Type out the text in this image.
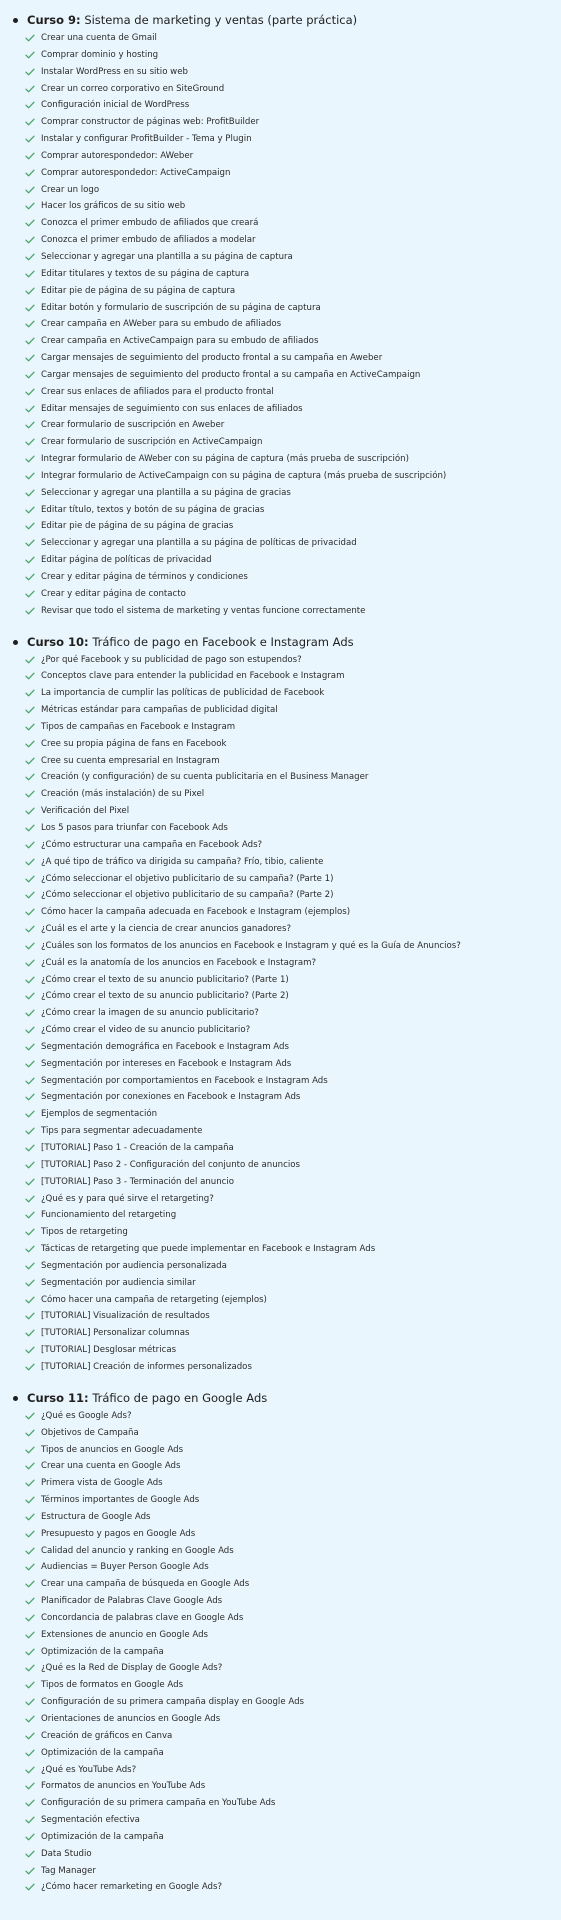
Curso 9: Sistema de marketing y ventas (parte práctica)
Crear una cuenta de Gmail
Comprar dominio y hosting
Instalar WordPress en su sitio web
Crear un correo corporativo en SiteGround
Configuración inicial de WordPress
Comprar constructor de páginas web: ProfitBuilder
Instalar y configurar ProfitBuilder - Tema y Plugin
Comprar autorespondedor: AWeber
Comprar autorespondedor: ActiveCampaign
Crear un logo
Hacer los gráficos de su sitio web
Conozca el primer embudo de afiliados que creará
Conozca el primer embudo de afiliados a modelar
Seleccionar y agregar una plantilla a su página de captura
Editar titulares y textos de su página de captura
Editar pie de página de su página de captura
Editar botón y formulario de suscripción de su página de captura
Crear campaña en AWeber para su embudo de afiliados
Crear campaña en ActiveCampaign para su embudo de afiliados
Cargar mensajes de seguimiento del producto frontal a su campaña en Aweber
Cargar mensajes de seguimiento del producto frontal a su campaña en ActiveCampaign
Crear sus enlaces de afiliados para el producto frontal
Editar mensajes de seguimiento con sus enlaces de afiliados
Crear formulario de suscripción en Aweber
Crear formulario de suscripción en ActiveCampaign
Integrar formulario de AWeber con su página de captura (más prueba de suscripción)
Integrar formulario de ActiveCampaign con su página de captura (más prueba de suscripción)
Seleccionar y agregar una plantilla a su página de gracias
Editar título, textos y botón de su página de gracias
Editar pie de página de su página de gracias
Seleccionar y agregar una plantilla a su página de políticas de privacidad
Editar página de políticas de privacidad
Crear y editar página de términos y condiciones
Crear y editar página de contacto
Revisar que todo el sistema de marketing y ventas funcione correctamente
Curso 10: Tráfico de pago en Facebook e Instagram Ads
¿Por qué Facebook y su publicidad de pago son estupendos?
Conceptos clave para entender la publicidad en Facebook e Instagram
La importancia de cumplir las políticas de publicidad de Facebook
Métricas estándar para campañas de publicidad digital
Tipos de campañas en Facebook e Instagram
Cree su propia página de fans en Facebook
Cree su cuenta empresarial en Instagram
Creación (y configuración) de su cuenta publicitaria en el Business Manager
Creación (más instalación) de su Pixel
Verificación del Pixel
Los 5 pasos para triunfar con Facebook Ads
¿Cómo estructurar una campaña en Facebook Ads?
¿A qué tipo de tráfico va dirigida su campaña? Frío, tibio, caliente
¿Cómo seleccionar el objetivo publicitario de su campaña? (Parte 1)
¿Cómo seleccionar el objetivo publicitario de su campaña? (Parte 2)
Cómo hacer la campaña adecuada en Facebook e Instagram (ejemplos)
¿Cuál es el arte y la ciencia de crear anuncios ganadores?
¿Cuáles son los formatos de los anuncios en Facebook e Instagram y qué es la Guía de Anuncios?
¿Cuál es la anatomía de los anuncios en Facebook e Instagram?
¿Cómo crear el texto de su anuncio publicitario? (Parte 1)
¿Cómo crear el texto de su anuncio publicitario? (Parte 2)
¿Cómo crear la imagen de su anuncio publicitario?
¿Cómo crear el video de su anuncio publicitario?
Segmentación demográfica en Facebook e Instagram Ads
Segmentación por intereses en Facebook e Instagram Ads
Segmentación por comportamientos en Facebook e Instagram Ads
Segmentación por conexiones en Facebook e Instagram Ads
Ejemplos de segmentación
Tips para segmentar adecuadamente
[TUTORIAL] Paso 1 - Creación de la campaña
[TUTORIAL] Paso 2 - Configuración del conjunto de anuncios
[TUTORIAL] Paso 3 - Terminación del anuncio
¿Qué es y para qué sirve el retargeting?
Funcionamiento del retargeting
Tipos de retargeting
Tácticas de retargeting que puede implementar en Facebook e Instagram Ads
Segmentación por audiencia personalizada
Segmentación por audiencia similar
Cómo hacer una campaña de retargeting (ejemplos)
[TUTORIAL] Visualización de resultados
[TUTORIAL] Personalizar columnas
[TUTORIAL] Desglosar métricas
[TUTORIAL] Creación de informes personalizados
Curso 11: Tráfico de pago en Google Ads
¿Qué es Google Ads?
Objetivos de Campaña
Tipos de anuncios en Google Ads
Crear una cuenta en Google Ads
Primera vista de Google Ads
Términos importantes de Google Ads
Estructura de Google Ads
Presupuesto y pagos en Google Ads
Calidad del anuncio y ranking en Google Ads
Audiencias = Buyer Person Google Ads
Crear una campaña de búsqueda en Google Ads
Planificador de Palabras Clave Google Ads
Concordancia de palabras clave en Google Ads
Extensiones de anuncio en Google Ads
Optimización de la campaña
¿Qué es la Red de Display de Google Ads?
Tipos de formatos en Google Ads
Configuración de su primera campaña display en Google Ads
Orientaciones de anuncios en Google Ads
Creación de gráficos en Canva
Optimización de la campaña
¿Qué es YouTube Ads?
Formatos de anuncios en YouTube Ads
Configuración de su primera campaña en YouTube Ads
Segmentación efectiva
Optimización de la campaña
Data Studio
Tag Manager
¿Cómo hacer remarketing en Google Ads?
